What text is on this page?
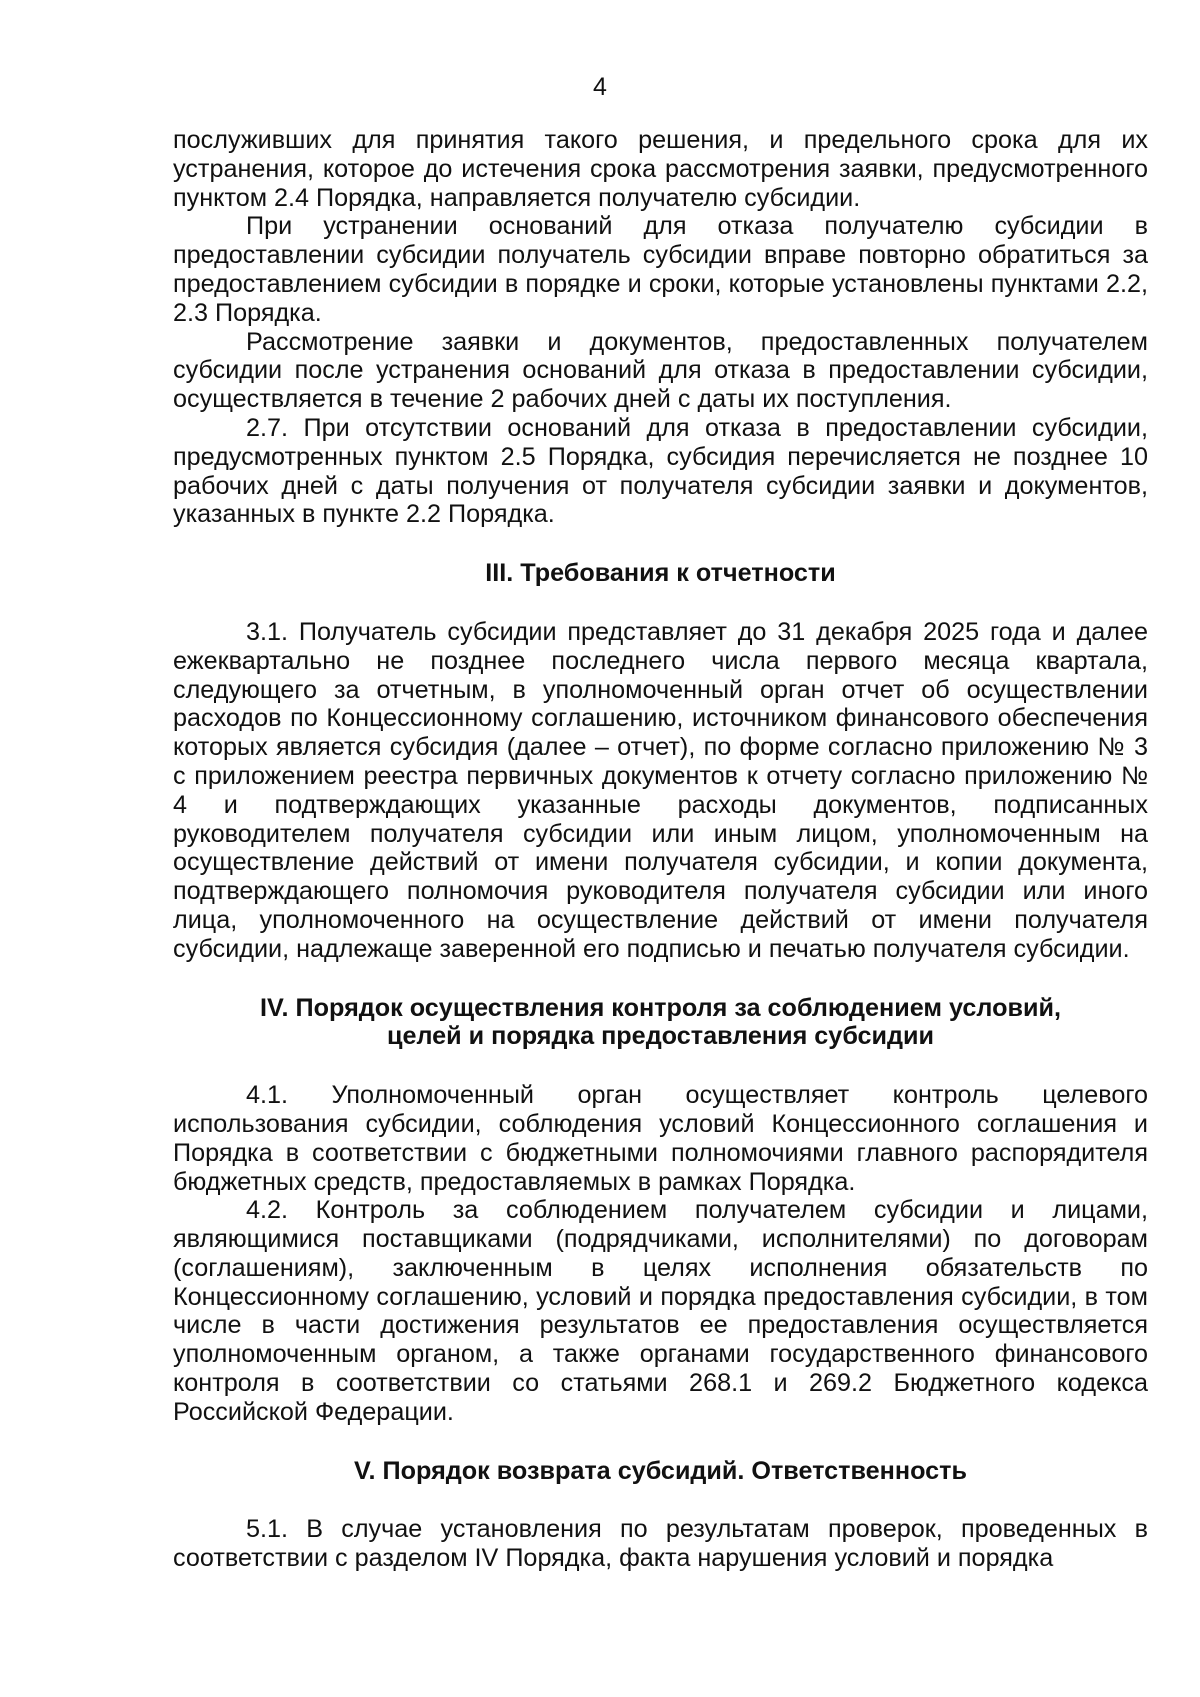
4

послуживших для принятия такого решения, и предельного срока для их устранения, которое до истечения срока рассмотрения заявки, предусмотренного пунктом 2.4 Порядка, направляется получателю субсидии.

При устранении оснований для отказа получателю субсидии в предоставлении субсидии получатель субсидии вправе повторно обратиться за предоставлением субсидии в порядке и сроки, которые установлены пунктами 2.2, 2.3 Порядка.

Рассмотрение заявки и документов, предоставленных получателем субсидии после устранения оснований для отказа в предоставлении субсидии, осуществляется в течение 2 рабочих дней с даты их поступления.

2.7. При отсутствии оснований для отказа в предоставлении субсидии, предусмотренных пунктом 2.5 Порядка, субсидия перечисляется не позднее 10 рабочих дней с даты получения от получателя субсидии заявки и документов, указанных в пункте 2.2 Порядка.

III. Требования к отчетности

3.1. Получатель субсидии представляет до 31 декабря 2025 года и далее ежеквартально не позднее последнего числа первого месяца квартала, следующего за отчетным, в уполномоченный орган отчет об осуществлении расходов по Концессионному соглашению, источником финансового обеспечения которых является субсидия (далее – отчет), по форме согласно приложению № 3 с приложением реестра первичных документов к отчету согласно приложению № 4 и подтверждающих указанные расходы документов, подписанных руководителем получателя субсидии или иным лицом, уполномоченным на осуществление действий от имени получателя субсидии, и копии документа, подтверждающего полномочия руководителя получателя субсидии или иного лица, уполномоченного на осуществление действий от имени получателя субсидии, надлежаще заверенной его подписью и печатью получателя субсидии.

IV. Порядок осуществления контроля за соблюдением условий,
целей и порядка предоставления субсидии

4.1. Уполномоченный орган осуществляет контроль целевого использования субсидии, соблюдения условий Концессионного соглашения и Порядка в соответствии с бюджетными полномочиями главного распорядителя бюджетных средств, предоставляемых в рамках Порядка.

4.2. Контроль за соблюдением получателем субсидии и лицами, являющимися поставщиками (подрядчиками, исполнителями) по договорам (соглашениям), заключенным в целях исполнения обязательств по Концессионному соглашению, условий и порядка предоставления субсидии, в том числе в части достижения результатов ее предоставления осуществляется уполномоченным органом, а также органами государственного финансового контроля в соответствии со статьями 268.1 и 269.2 Бюджетного кодекса Российской Федерации.

V. Порядок возврата субсидий. Ответственность

5.1. В случае установления по результатам проверок, проведенных в соответствии с разделом IV Порядка, факта нарушения условий и порядка
